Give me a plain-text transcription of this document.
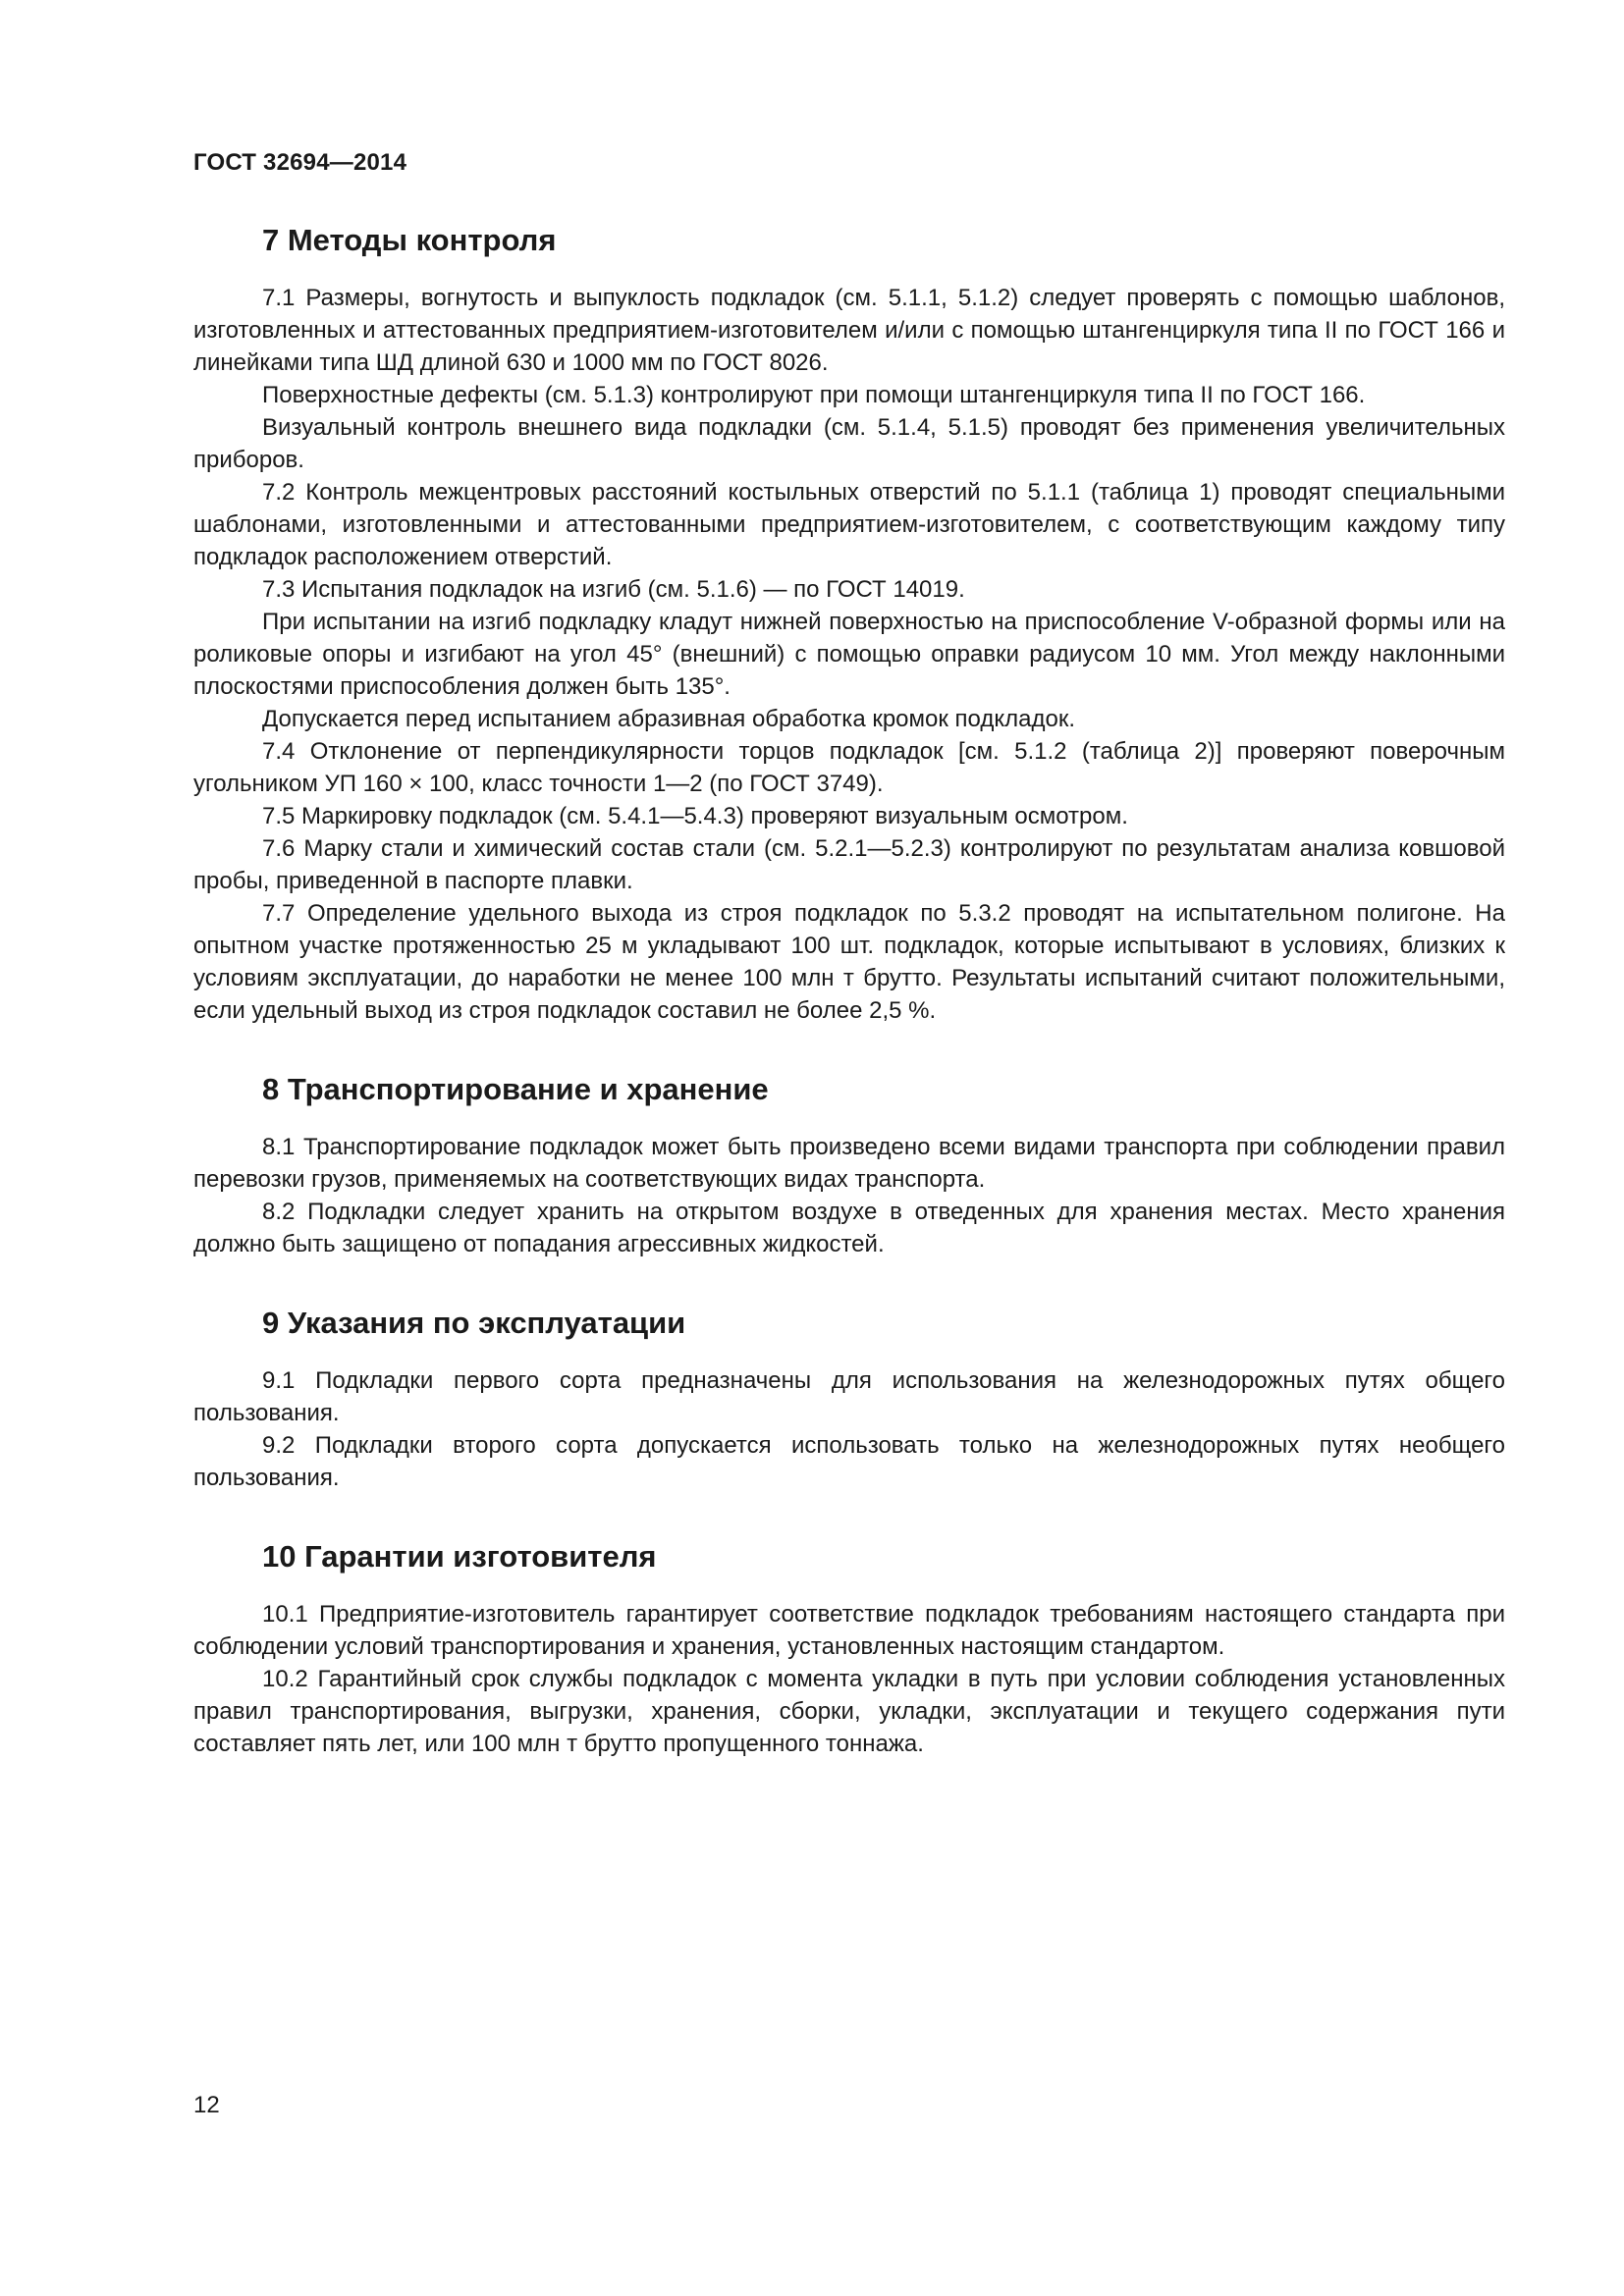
ГОСТ 32694—2014
7 Методы контроля

7.1 Размеры, вогнутость и выпуклость подкладок (см. 5.1.1, 5.1.2) следует проверять с помощью шаблонов, изготовленных и аттестованных предприятием-изготовителем и/или с помощью штангенциркуля типа II по ГОСТ 166 и линейками типа ШД длиной 630 и 1000 мм по ГОСТ 8026.

Поверхностные дефекты (см. 5.1.3) контролируют при помощи штангенциркуля типа II по ГОСТ 166.

Визуальный контроль внешнего вида подкладки (см. 5.1.4, 5.1.5) проводят без применения увеличительных приборов.

7.2 Контроль межцентровых расстояний костыльных отверстий по 5.1.1 (таблица 1) проводят специальными шаблонами, изготовленными и аттестованными предприятием-изготовителем, с соответствующим каждому типу подкладок расположением отверстий.

7.3 Испытания подкладок на изгиб (см. 5.1.6) — по ГОСТ 14019.

При испытании на изгиб подкладку кладут нижней поверхностью на приспособление V-образной формы или на роликовые опоры и изгибают на угол 45° (внешний) с помощью оправки радиусом 10 мм. Угол между наклонными плоскостями приспособления должен быть 135°.

Допускается перед испытанием абразивная обработка кромок подкладок.

7.4 Отклонение от перпендикулярности торцов подкладок [см. 5.1.2 (таблица 2)] проверяют поверочным угольником УП 160 × 100, класс точности 1—2 (по ГОСТ 3749).

7.5 Маркировку подкладок (см. 5.4.1—5.4.3) проверяют визуальным осмотром.

7.6 Марку стали и химический состав стали (см. 5.2.1—5.2.3) контролируют по результатам анализа ковшовой пробы, приведенной в паспорте плавки.

7.7 Определение удельного выхода из строя подкладок по 5.3.2 проводят на испытательном полигоне. На опытном участке протяженностью 25 м укладывают 100 шт. подкладок, которые испытывают в условиях, близких к условиям эксплуатации, до наработки не менее 100 млн т брутто. Результаты испытаний считают положительными, если удельный выход из строя подкладок составил не более 2,5 %.

8 Транспортирование и хранение

8.1 Транспортирование подкладок может быть произведено всеми видами транспорта при соблюдении правил перевозки грузов, применяемых на соответствующих видах транспорта.

8.2 Подкладки следует хранить на открытом воздухе в отведенных для хранения местах. Место хранения должно быть защищено от попадания агрессивных жидкостей.

9 Указания по эксплуатации

9.1 Подкладки первого сорта предназначены для использования на железнодорожных путях общего пользования.

9.2 Подкладки второго сорта допускается использовать только на железнодорожных путях необщего пользования.

10 Гарантии изготовителя

10.1 Предприятие-изготовитель гарантирует соответствие подкладок требованиям настоящего стандарта при соблюдении условий транспортирования и хранения, установленных настоящим стандартом.

10.2 Гарантийный срок службы подкладок с момента укладки в путь при условии соблюдения установленных правил транспортирования, выгрузки, хранения, сборки, укладки, эксплуатации и текущего содержания пути составляет пять лет, или 100 млн т брутто пропущенного тоннажа.

12
